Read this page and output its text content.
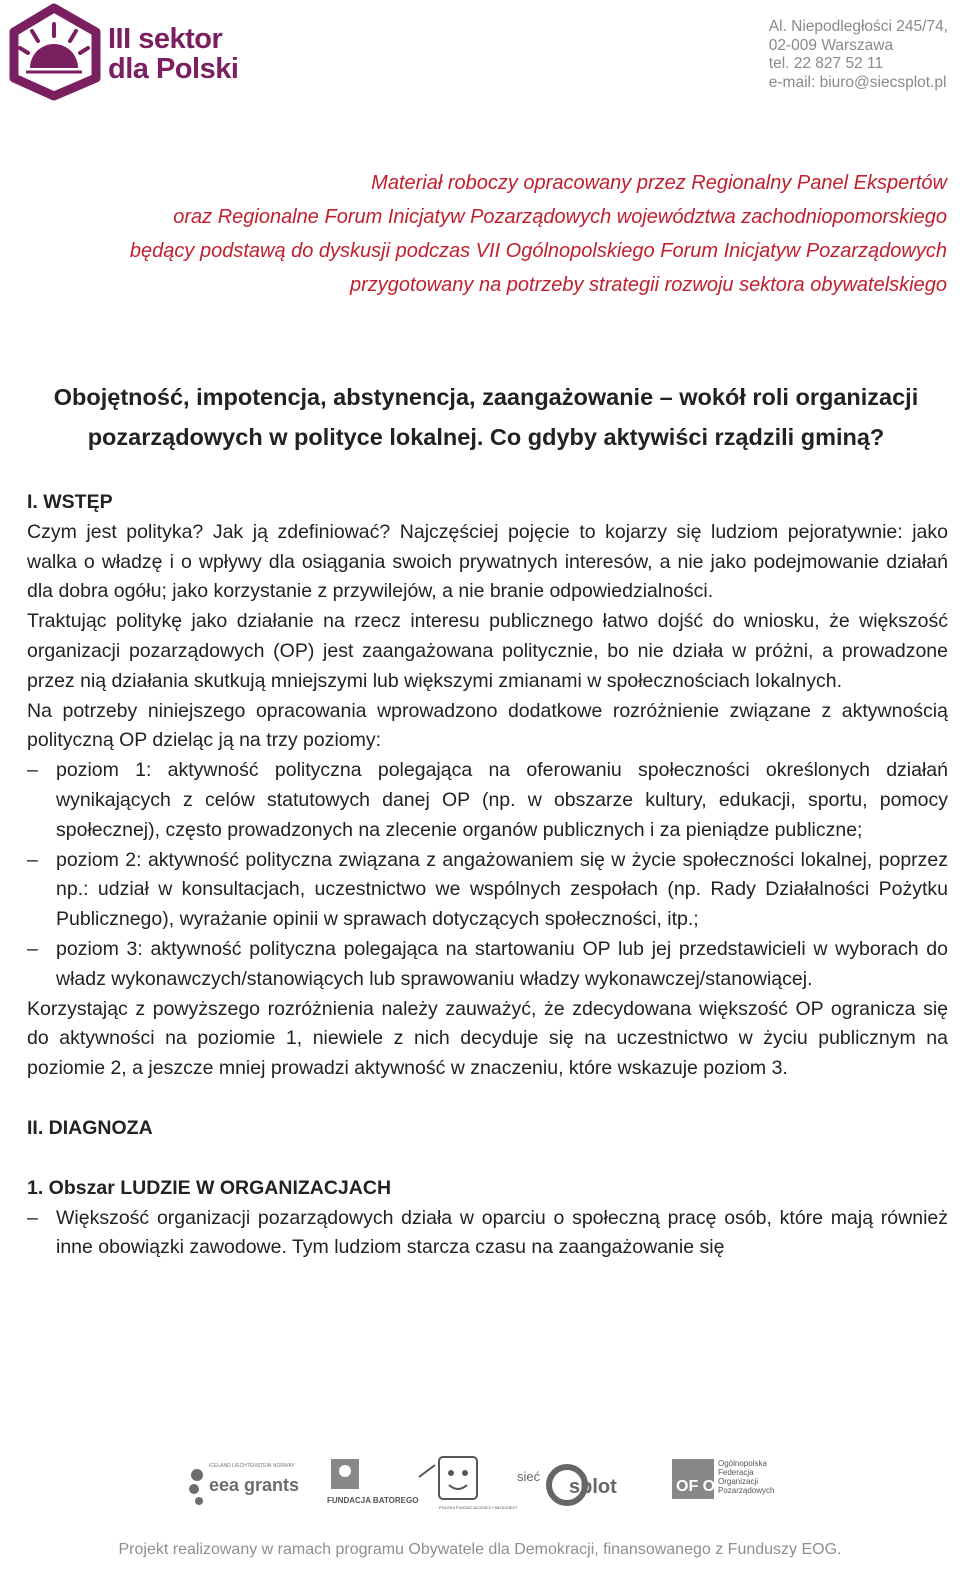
III sektor
dla Polski
Al. Niepodległości 245/74,
02-009 Warszawa
tel. 22 827 52 11
e-mail: biuro@siecsplot.pl
Materiał roboczy opracowany przez Regionalny Panel Ekspertów
oraz Regionalne Forum Inicjatyw Pozarządowych województwa zachodniopomorskiego
będący podstawą do dyskusji podczas VII Ogólnopolskiego Forum Inicjatyw Pozarządowych
przygotowany na potrzeby strategii rozwoju sektora obywatelskiego
Obojętność, impotencja, abstynencja, zaangażowanie – wokół roli organizacji
pozarządowych w polityce lokalnej. Co gdyby aktywiści rządzili gminą?
I. WSTĘP

Czym jest polityka? Jak ją zdefiniować? Najczęściej pojęcie to kojarzy się ludziom pejoratywnie: jako walka o władzę i o wpływy dla osiągania swoich prywatnych interesów, a nie jako podejmowanie działań dla dobra ogółu; jako korzystanie z przywilejów, a nie branie odpowiedzialności.

Traktując politykę jako działanie na rzecz interesu publicznego łatwo dojść do wniosku, że większość organizacji pozarządowych (OP) jest zaangażowana politycznie, bo nie działa w próżni, a prowadzone przez nią działania skutkują mniejszymi lub większymi zmianami w społecznościach lokalnych.

Na potrzeby niniejszego opracowania wprowadzono dodatkowe rozróżnienie związane z aktywnością polityczną OP dzieląc ją na trzy poziomy:

– poziom 1: aktywność polityczna polegająca na oferowaniu społeczności określonych działań wynikających z celów statutowych danej OP (np. w obszarze kultury, edukacji, sportu, pomocy społecznej), często prowadzonych na zlecenie organów publicznych i za pieniądze publiczne;
– poziom 2: aktywność polityczna związana z angażowaniem się w życie społeczności lokalnej, poprzez np.: udział w konsultacjach, uczestnictwo we wspólnych zespołach (np. Rady Działalności Pożytku Publicznego), wyrażanie opinii w sprawach dotyczących społeczności, itp.;
– poziom 3: aktywność polityczna polegająca na startowaniu OP lub jej przedstawicieli w wyborach do władz wykonawczych/stanowiących lub sprawowaniu władzy wykonawczej/stanowiącej.

Korzystając z powyższego rozróżnienia należy zauważyć, że zdecydowana większość OP ogranicza się do aktywności na poziomie 1, niewiele z nich decyduje się na uczestnictwo w życiu publicznym na poziomie 2, a jeszcze mniej prowadzi aktywność w znaczeniu, które wskazuje poziom 3.

II. DIAGNOZA
1. Obszar LUDZIE W ORGANIZACJACH
– Większość organizacji pozarządowych działa w oparciu o społeczną pracę osób, które mają również inne obowiązki zawodowe. Tym ludziom starcza czasu na zaangażowanie się
ICELAND LIECHTENSTEIN NORWAY
eea grants
FUNDACJA BATOREGO
POLSKA FUNDACJA DZIECI I MŁODZIEŻY
sieć splot	OF OP
Ogólnopolska Federacja Organizacji Pozarządowych
Projekt realizowany w ramach programu Obywatele dla Demokracji, finansowanego z Funduszy EOG.
